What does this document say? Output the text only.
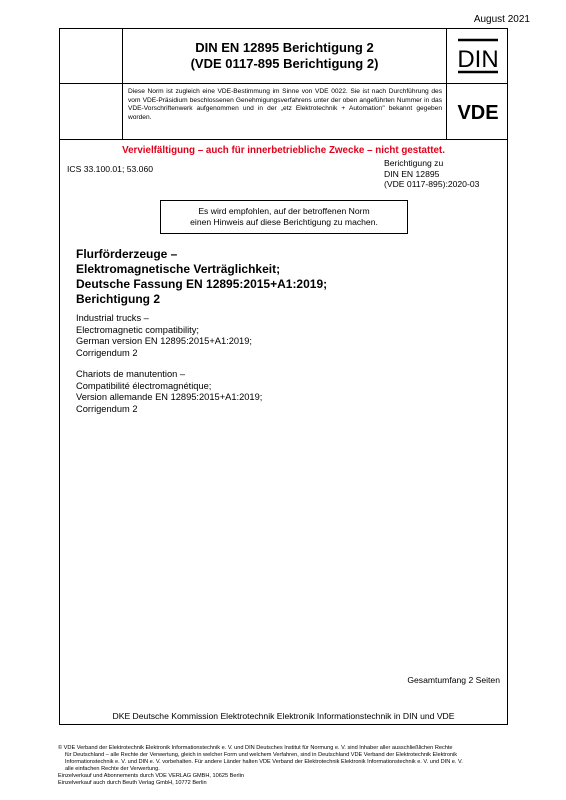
August 2021
DIN EN 12895 Berichtigung 2
(VDE 0117-895 Berichtigung 2)
Diese Norm ist zugleich eine VDE-Bestimmung im Sinne von VDE 0022. Sie ist nach Durchführung des vom VDE-Präsidium beschlossenen Genehmigungsverfahrens unter der oben angeführten Nummer in das VDE-Vorschriftenwerk aufgenommen und in der „etz Elektrotechnik + Automation" bekannt gegeben worden.
DIN
VDE
Vervielfältigung – auch für innerbetriebliche Zwecke – nicht gestattet.
ICS 33.100.01; 53.060
Berichtigung zu
DIN EN 12895
(VDE 0117-895):2020-03
Es wird empfohlen, auf der betroffenen Norm
einen Hinweis auf diese Berichtigung zu machen.
Flurförderzeuge –
Elektromagnetische Verträglichkeit;
Deutsche Fassung EN 12895:2015+A1:2019;
Berichtigung 2
Industrial trucks –
Electromagnetic compatibility;
German version EN 12895:2015+A1:2019;
Corrigendum 2
Chariots de manutention –
Compatibilité électromagnétique;
Version allemande EN 12895:2015+A1:2019;
Corrigendum 2
Gesamtumfang 2 Seiten
DKE Deutsche Kommission Elektrotechnik Elektronik Informationstechnik in DIN und VDE
© VDE Verband der Elektrotechnik Elektronik Informationstechnik e. V. und DIN Deutsches Institut für Normung e. V. sind Inhaber aller ausschließlichen Rechte
für Deutschland – alle Rechte der Verwertung, gleich in welcher Form und welchem Verfahren, sind in Deutschland VDE Verband der Elektrotechnik Elektronik
Informationstechnik e. V. und DIN e. V. vorbehalten. Für andere Länder halten VDE Verband der Elektrotechnik Elektronik Informationstechnik e. V. und DIN e. V.
alle einfachen Rechte der Verwertung.
Einzelverkauf und Abonnements durch VDE VERLAG GMBH, 10625 Berlin
Einzelverkauf auch durch Beuth Verlag GmbH, 10772 Berlin
